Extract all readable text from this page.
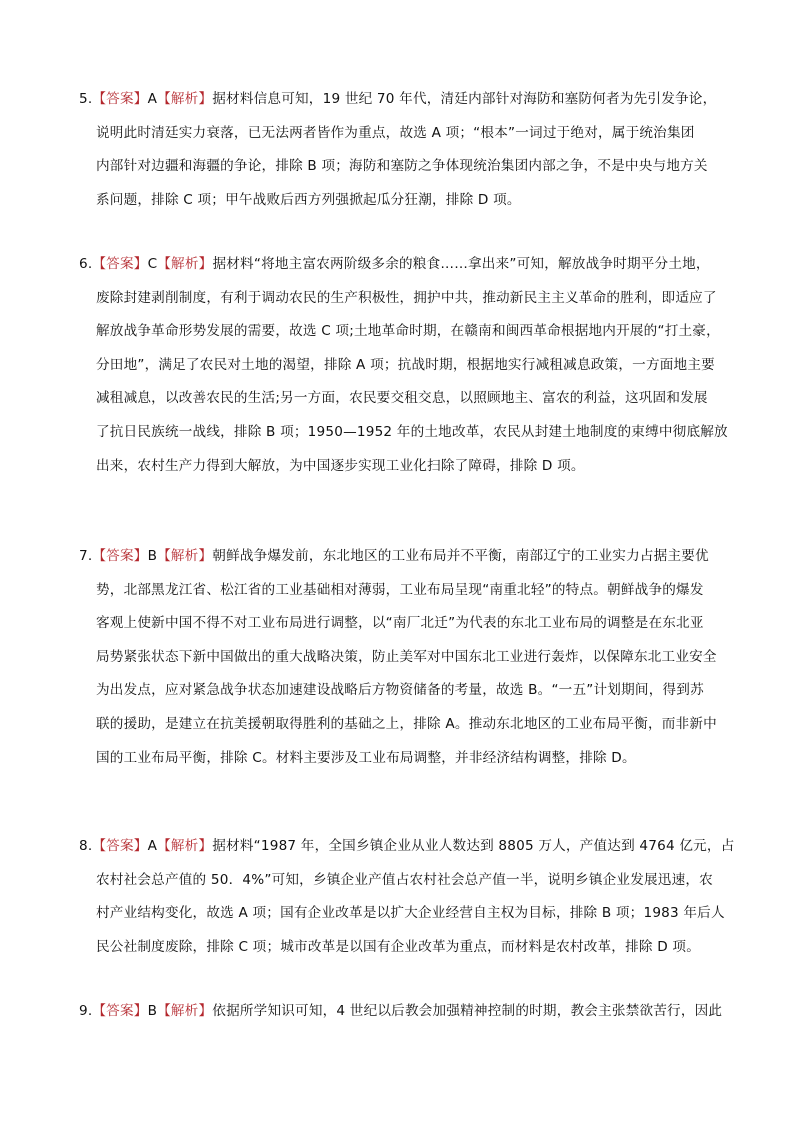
5.【答案】A【解析】据材料信息可知，19 世纪 70 年代，清廷内部针对海防和塞防何者为先引发争论，
说明此时清廷实力衰落，已无法两者皆作为重点，故选 A 项；“根本”一词过于绝对，属于统治集团
内部针对边疆和海疆的争论，排除 B 项；海防和塞防之争体现统治集团内部之争，不是中央与地方关
系问题，排除 C 项；甲午战败后西方列强掀起瓜分狂潮，排除 D 项。
6.【答案】C【解析】据材料“将地主富农两阶级多余的粮食……拿出来”可知，解放战争时期平分土地，
废除封建剥削制度，有利于调动农民的生产积极性，拥护中共，推动新民主主义革命的胜利，即适应了
解放战争革命形势发展的需要，故选 C 项;土地革命时期，在赣南和闽西革命根据地内开展的“打土豪，
分田地”，满足了农民对土地的渴望，排除 A 项；抗战时期，根据地实行减租减息政策，一方面地主要
减租减息，以改善农民的生活;另一方面，农民要交租交息，以照顾地主、富农的利益，这巩固和发展
了抗日民族统一战线，排除 B 项；1950—1952 年的土地改革，农民从封建土地制度的束缚中彻底解放
出来，农村生产力得到大解放，为中国逐步实现工业化扫除了障碍，排除 D 项。
7.【答案】B【解析】朝鲜战争爆发前，东北地区的工业布局并不平衡，南部辽宁的工业实力占据主要优
势，北部黑龙江省、松江省的工业基础相对薄弱，工业布局呈现“南重北轻”的特点。朝鲜战争的爆发
客观上使新中国不得不对工业布局进行调整，以“南厂北迁”为代表的东北工业布局的调整是在东北亚
局势紧张状态下新中国做出的重大战略决策，防止美军对中国东北工业进行轰炸，以保障东北工业安全
为出发点，应对紧急战争状态加速建设战略后方物资储备的考量，故选 B。“一五”计划期间，得到苏
联的援助，是建立在抗美援朝取得胜利的基础之上，排除 A。推动东北地区的工业布局平衡，而非新中
国的工业布局平衡，排除 C。材料主要涉及工业布局调整，并非经济结构调整，排除 D。
8.【答案】A【解析】据材料“1987 年，全国乡镇企业从业人数达到 8805 万人，产值达到 4764 亿元，占
农村社会总产值的 50．4%”可知，乡镇企业产值占农村社会总产值一半，说明乡镇企业发展迅速，农
村产业结构变化，故选 A 项；国有企业改革是以扩大企业经营自主权为目标，排除 B 项；1983 年后人
民公社制度废除，排除 C 项；城市改革是以国有企业改革为重点，而材料是农村改革，排除 D 项。
9.【答案】B【解析】依据所学知识可知，4 世纪以后教会加强精神控制的时期，教会主张禁欲苦行，因此
